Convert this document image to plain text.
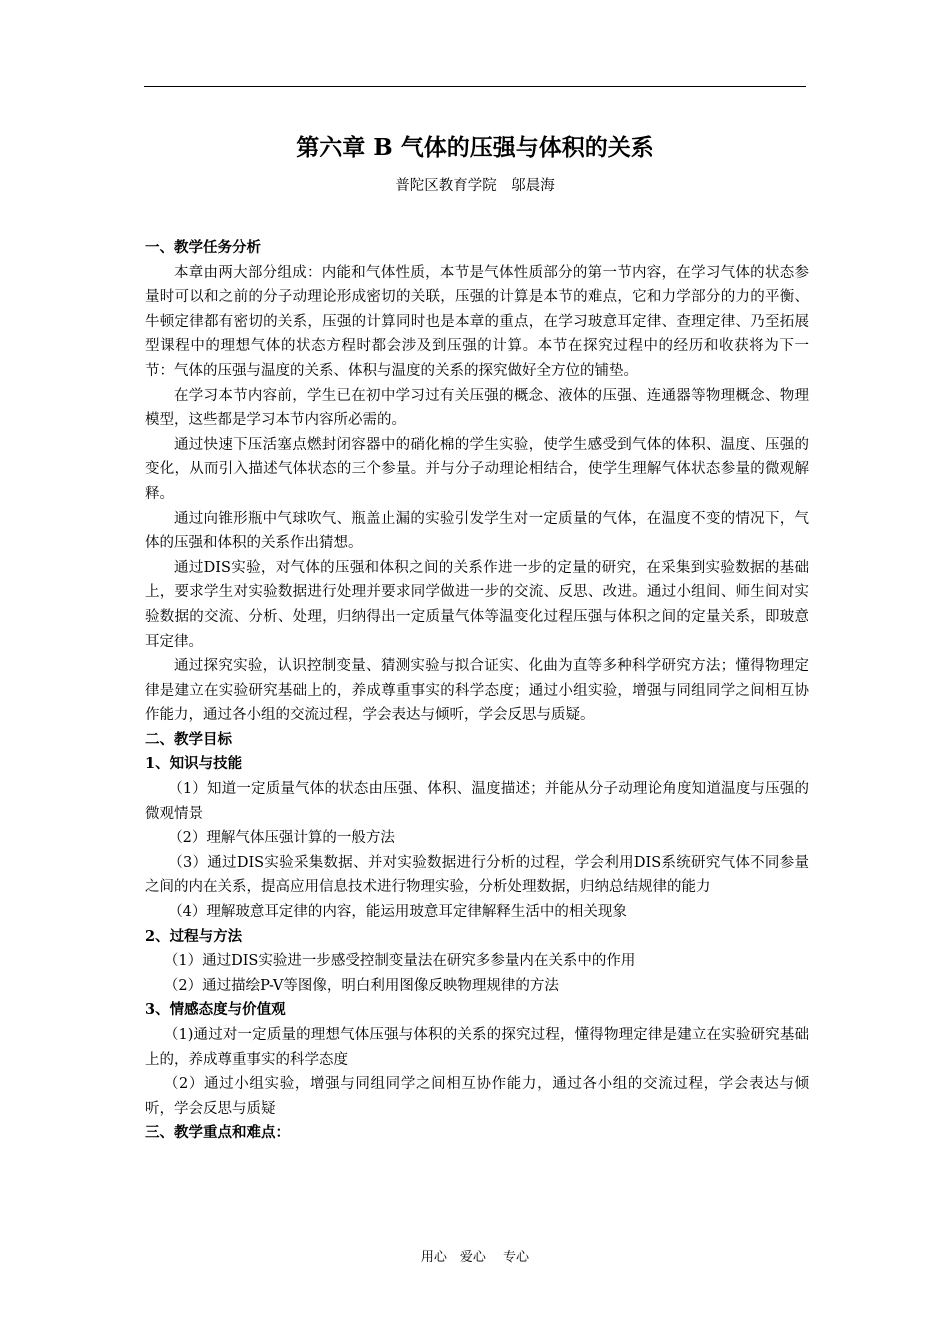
第六章 B 气体的压强与体积的关系
普陀区教育学院　邬晨海

一、教学任务分析

本章由两大部分组成：内能和气体性质，本节是气体性质部分的第一节内容，在学习气体的状态参量时可以和之前的分子动理论形成密切的关联，压强的计算是本节的难点，它和力学部分的力的平衡、牛顿定律都有密切的关系，压强的计算同时也是本章的重点，在学习玻意耳定律、查理定律、乃至拓展型课程中的理想气体的状态方程时都会涉及到压强的计算。本节在探究过程中的经历和收获将为下一节：气体的压强与温度的关系、体积与温度的关系的探究做好全方位的铺垫。

在学习本节内容前，学生已在初中学习过有关压强的概念、液体的压强、连通器等物理概念、物理模型，这些都是学习本节内容所必需的。

通过快速下压活塞点燃封闭容器中的硝化棉的学生实验，使学生感受到气体的体积、温度、压强的变化，从而引入描述气体状态的三个参量。并与分子动理论相结合，使学生理解气体状态参量的微观解释。

通过向锥形瓶中气球吹气、瓶盖止漏的实验引发学生对一定质量的气体，在温度不变的情况下，气体的压强和体积的关系作出猜想。

通过DIS实验，对气体的压强和体积之间的关系作进一步的定量的研究，在采集到实验数据的基础上，要求学生对实验数据进行处理并要求同学做进一步的交流、反思、改进。通过小组间、师生间对实验数据的交流、分析、处理，归纳得出一定质量气体等温变化过程压强与体积之间的定量关系，即玻意耳定律。

通过探究实验，认识控制变量、猜测实验与拟合证实、化曲为直等多种科学研究方法；懂得物理定律是建立在实验研究基础上的，养成尊重事实的科学态度；通过小组实验，增强与同组同学之间相互协作能力，通过各小组的交流过程，学会表达与倾听，学会反思与质疑。

二、教学目标

1、知识与技能

（1）知道一定质量气体的状态由压强、体积、温度描述；并能从分子动理论角度知道温度与压强的微观情景

（2）理解气体压强计算的一般方法

（3）通过DIS实验采集数据、并对实验数据进行分析的过程，学会利用DIS系统研究气体不同参量之间的内在关系，提高应用信息技术进行物理实验，分析处理数据，归纳总结规律的能力

（4）理解玻意耳定律的内容，能运用玻意耳定律解释生活中的相关现象

2、过程与方法

（1）通过DIS实验进一步感受控制变量法在研究多参量内在关系中的作用

（2）通过描绘P-V等图像，明白利用图像反映物理规律的方法

3、情感态度与价值观

（1)通过对一定质量的理想气体压强与体积的关系的探究过程，懂得物理定律是建立在实验研究基础上的，养成尊重事实的科学态度

（2）通过小组实验，增强与同组同学之间相互协作能力，通过各小组的交流过程，学会表达与倾听，学会反思与质疑

三、教学重点和难点：

用心　爱心　 专心
